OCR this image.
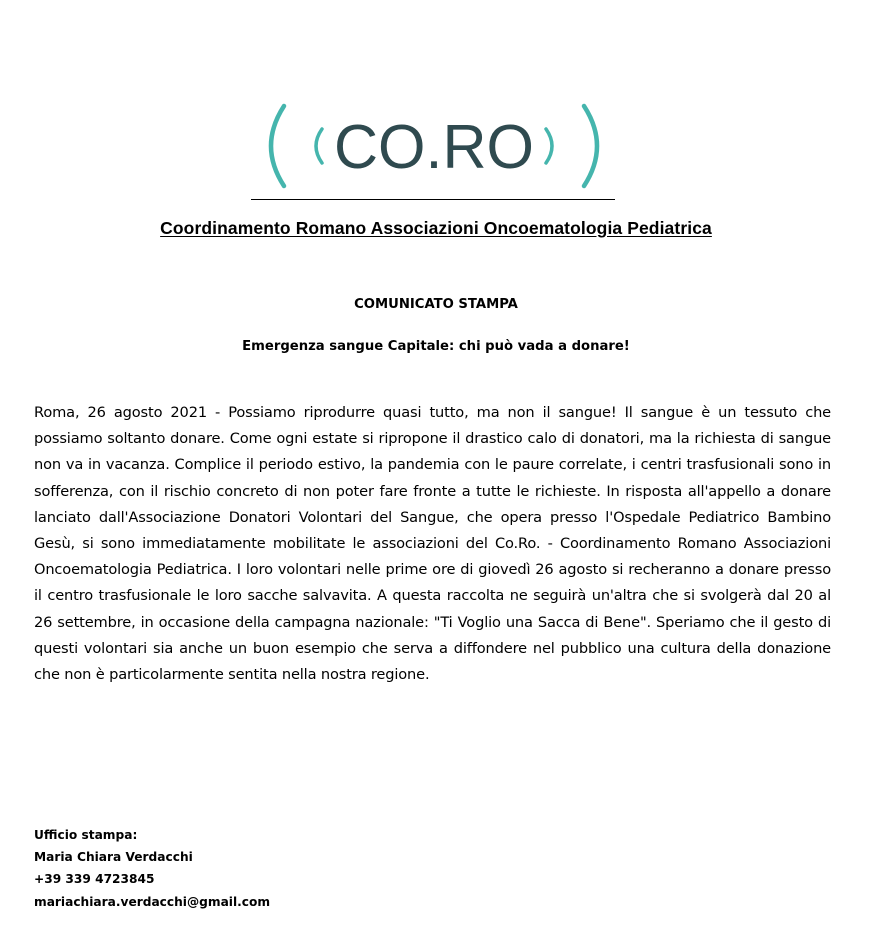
CO.RO
Coordinamento Romano Associazioni Oncoematologia Pediatrica
COMUNICATO STAMPA
Emergenza sangue Capitale: chi può vada a donare!

Roma, 26 agosto 2021 - Possiamo riprodurre quasi tutto, ma non il sangue! Il sangue è un tessuto che possiamo soltanto donare. Come ogni estate si ripropone il drastico calo di donatori, ma la richiesta di sangue non va in vacanza. Complice il periodo estivo, la pandemia con le paure correlate, i centri trasfusionali sono in sofferenza, con il rischio concreto di non poter fare fronte a tutte le richieste. In risposta all'appello a donare lanciato dall'Associazione Donatori Volontari del Sangue, che opera presso l'Ospedale Pediatrico Bambino Gesù, si sono immediatamente mobilitate le associazioni del Co.Ro. - Coordinamento Romano Associazioni Oncoematologia Pediatrica. I loro volontari nelle prime ore di giovedì 26 agosto si recheranno a donare presso il centro trasfusionale le loro sacche salvavita. A questa raccolta ne seguirà un'altra che si svolgerà dal 20 al 26 settembre, in occasione della campagna nazionale: "Ti Voglio una Sacca di Bene". Speriamo che il gesto di questi volontari sia anche un buon esempio che serva a diffondere nel pubblico una cultura della donazione che non è particolarmente sentita nella nostra regione.

Ufficio stampa:
Maria Chiara Verdacchi
+39 339 4723845
mariachiara.verdacchi@gmail.com
